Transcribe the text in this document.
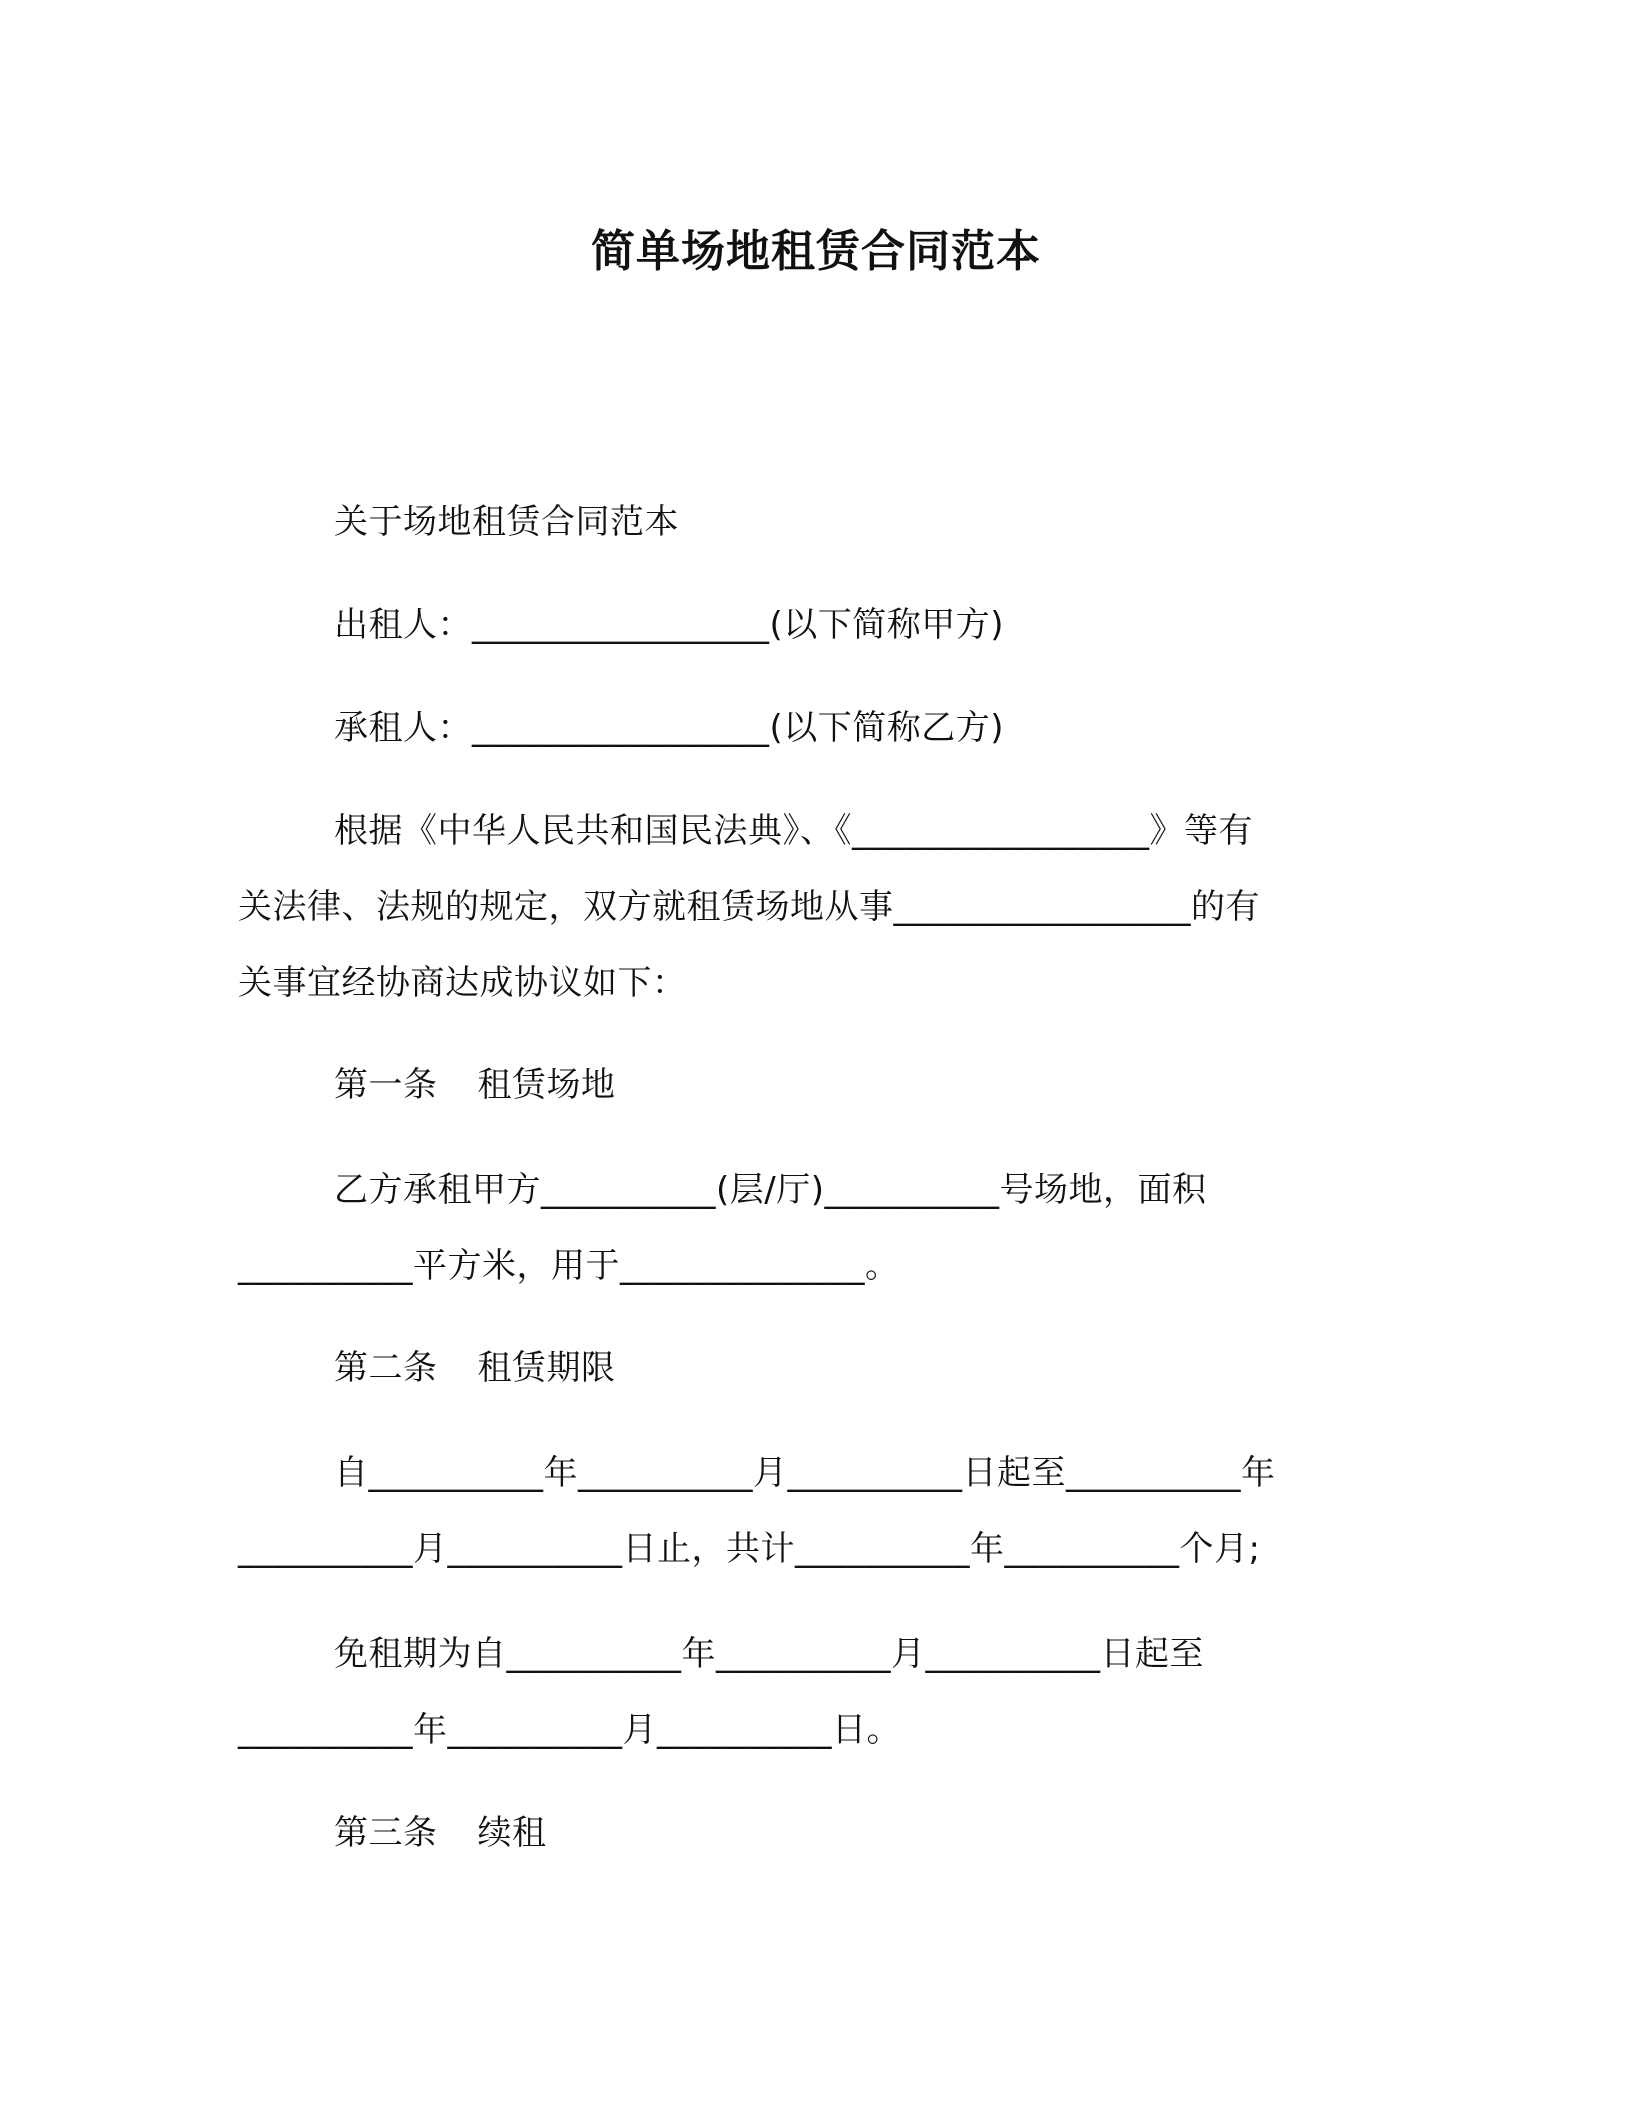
简单场地租赁合同范本
关于场地租赁合同范本
出租人：_________________(以下简称甲方)
承租人：_________________(以下简称乙方)
根据《中华人民共和国民法典》、《_________________》等有
关法律、法规的规定，双方就租赁场地从事_________________的有
关事宜经协商达成协议如下：
第一条 租赁场地
乙方承租甲方__________(层/厅)__________号场地，面积
__________平方米，用于______________。
第二条 租赁期限
自__________年__________月__________日起至__________年
__________月__________日止，共计__________年__________个月;
免租期为自__________年__________月__________日起至
__________年__________月__________日。
第三条 续租
